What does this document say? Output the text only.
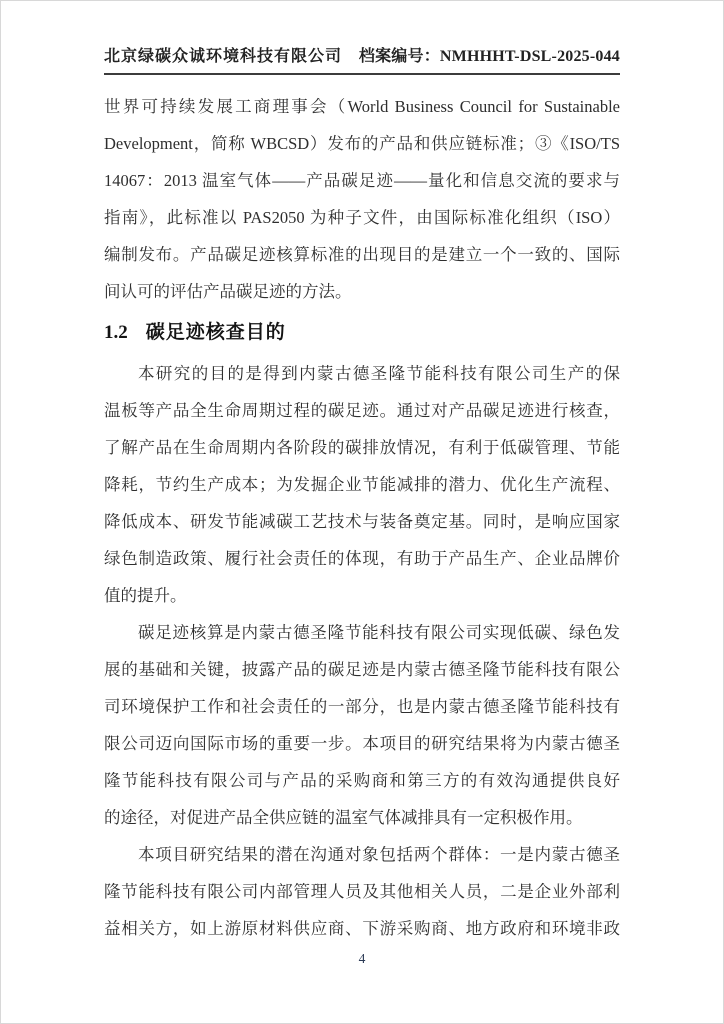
北京绿碳众诚环境科技有限公司 档案编号：NMHHHT-DSL-2025-044
世界可持续发展工商理事会（World Business Council for Sustainable
Development，简称 WBCSD）发布的产品和供应链标准；③《ISO/TS
14067：2013 温室气体——产品碳足迹——量化和信息交流的要求与
指南》，此标准以 PAS2050 为种子文件，由国际标准化组织（ISO）
编制发布。产品碳足迹核算标准的出现目的是建立一个一致的、国际
间认可的评估产品碳足迹的方法。
1.2 碳足迹核查目的
本研究的目的是得到内蒙古德圣隆节能科技有限公司生产的保
温板等产品全生命周期过程的碳足迹。通过对产品碳足迹进行核查，
了解产品在生命周期内各阶段的碳排放情况，有利于低碳管理、节能
降耗，节约生产成本；为发掘企业节能减排的潜力、优化生产流程、
降低成本、研发节能减碳工艺技术与装备奠定基。同时，是响应国家
绿色制造政策、履行社会责任的体现，有助于产品生产、企业品牌价
值的提升。
碳足迹核算是内蒙古德圣隆节能科技有限公司实现低碳、绿色发
展的基础和关键，披露产品的碳足迹是内蒙古德圣隆节能科技有限公
司环境保护工作和社会责任的一部分，也是内蒙古德圣隆节能科技有
限公司迈向国际市场的重要一步。本项目的研究结果将为内蒙古德圣
隆节能科技有限公司与产品的采购商和第三方的有效沟通提供良好
的途径，对促进产品全供应链的温室气体减排具有一定积极作用。
本项目研究结果的潜在沟通对象包括两个群体：一是内蒙古德圣
隆节能科技有限公司内部管理人员及其他相关人员，二是企业外部利
益相关方，如上游原材料供应商、下游采购商、地方政府和环境非政
4
